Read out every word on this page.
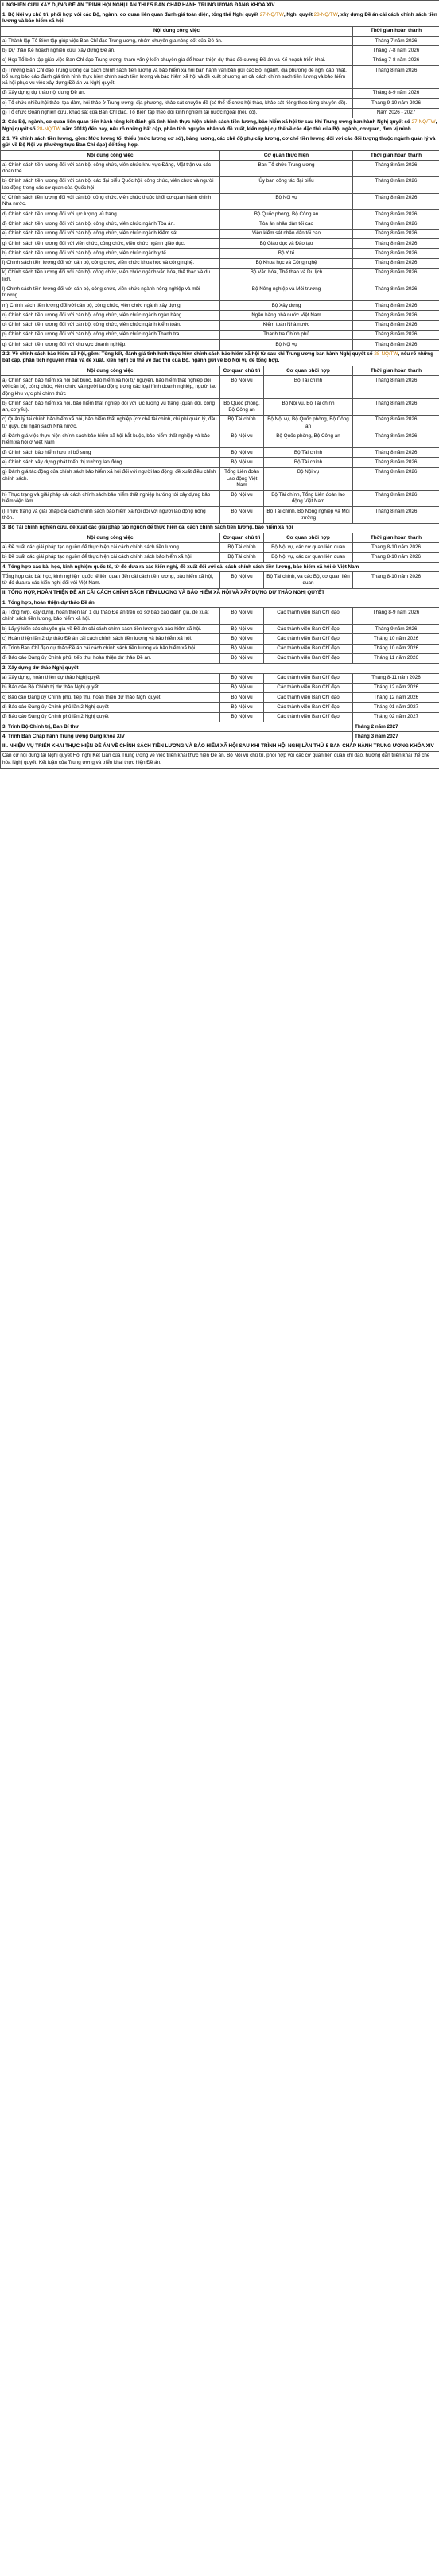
I. NGHIÊN CỨU XÂY DỰNG ĐỀ ÁN TRÌNH HỘI NGHỊ LẦN THỨ 5 BAN CHẤP HÀNH TRUNG ƯƠNG ĐẢNG KHÓA XIV			
1. Bộ Nội vụ chủ trì, phối hợp với các Bộ, ngành, cơ quan liên quan đánh giá toàn diện, tổng thể Nghị quyết 27-NQ/TW, Nghị quyết 28-NQ/TW, xây dựng Đề án cải cách chính sách tiền lương và bảo hiểm xã hội.			
Nội dung công việc			Thời gian hoàn thành
a) Thành lập Tổ Biên tập giúp việc Ban Chỉ đạo Trung ương, nhóm chuyên gia nòng cốt của Đề án.			Tháng 7 năm 2026
b) Dự thảo Kế hoạch nghiên cứu, xây dựng Đề án.			Tháng 7-8 năm 2026
c) Họp Tổ biên tập giúp việc Ban Chỉ đạo Trung ương, tham vấn ý kiến chuyên gia để hoàn thiện dự thảo đề cương Đề án và Kế hoạch triển khai.			Tháng 7-8 năm 2026
d) Trường Ban Chỉ đạo Trung ương cải cách chính sách tiền lương và bảo hiểm xã hội ban hành văn bản gửi các Bộ, ngành, địa phương đề nghị cập nhật, bổ sung báo cáo đánh giá tình hình thực hiện chính sách tiền lương và bảo hiểm xã hội và đề xuất phương án cải cách chính sách tiền lương và bảo hiểm xã hội phục vụ việc xây dựng Đề án và Nghị quyết.			Tháng 8 năm 2026
đ) Xây dựng dự thảo nội dung Đề án.			Tháng 8-9 năm 2026
e) Tổ chức nhiều hội thảo, tọa đàm, hội thảo ở Trung ương, địa phương, khảo sát chuyên đề (có thể tổ chức hội thảo, khảo sát riêng theo từng chuyên đề).			Tháng 9-10 năm 2026
g) Tổ chức Đoàn nghiên cứu, khảo sát của Ban Chỉ đạo, Tổ Biên tập theo đối kinh nghiệm tại nước ngoài (nếu có).			Năm 2026 - 2027
2. Các Bộ, ngành, cơ quan liên quan tiến hành tổng kết đánh giá tình hình thực hiện chính sách tiền lương, bảo hiểm xã hội từ sau khi Trung ương ban hành Nghị quyết số 27-NQ/TW, Nghị quyết số 28-NQ/TW năm 2018) đến nay, nêu rõ những bất cập, phân tích nguyên nhân và đề xuất, kiến nghị cụ thể về các đặc thù của Bộ, ngành, cơ quan, đơn vị mình.			
2.1. Về chính sách tiền lương, gồm: Mức lương tối thiểu (mức lương cơ sở), bảng lương, các chế độ phụ cấp lương, cơ chế tiền lương đối với các đối tượng thuộc ngành quản lý và gửi về Bộ Nội vụ (thường trực Ban Chỉ đạo) để tổng hợp.			
Nội dung công việc	Cơ quan thực hiện		Thời gian hoàn thành
a) Chính sách tiền lương đối với cán bộ, công chức, viên chức khu vực Đảng, Mặt trận và các đoàn thể	Ban Tổ chức Trung ương		Tháng 8 năm 2026
b) Chính sách tiền lương đối với cán bộ, các đại biểu Quốc hội, công chức, viên chức và người lao động trong các cơ quan của Quốc hội.	Ủy ban công tác đại biểu		Tháng 8 năm 2026
c) Chính sách tiền lương đối với cán bộ, công chức, viên chức thuộc khối cơ quan hành chính Nhà nước.	Bộ Nội vụ		Tháng 8 năm 2026
d) Chính sách tiền lương đối với lực lượng vũ trang.	Bộ Quốc phòng, Bộ Công an		Tháng 8 năm 2026
đ) Chính sách tiền lương đối với cán bộ, công chức, viên chức ngành Tòa án.	Tòa án nhân dân tối cao		Tháng 8 năm 2026
e) Chính sách tiền lương đối với cán bộ, công chức, viên chức ngành Kiểm sát	Viện kiểm sát nhân dân tối cao		Tháng 8 năm 2026
g) Chính sách tiền lương đối với viên chức, công chức, viên chức ngành giáo dục.	Bộ Giáo dục và Đào tạo		Tháng 8 năm 2026
h) Chính sách tiền lương đối với cán bộ, công chức, viên chức ngành y tế.	Bộ Y tế		Tháng 8 năm 2026
i) Chính sách tiền lương đối với cán bộ, công chức, viên chức khoa học và công nghệ.	Bộ Khoa học và Công nghệ		Tháng 8 năm 2026
k) Chính sách tiền lương đối với cán bộ, công chức, viên chức ngành văn hóa, thể thao và du lịch.	Bộ Văn hóa, Thể thao và Du lịch		Tháng 8 năm 2026
l) Chính sách tiền lương đối với cán bộ, công chức, viên chức ngành nông nghiệp và môi trường.	Bộ Nông nghiệp và Môi trường		Tháng 8 năm 2026
m) Chính sách tiền lương đối với cán bộ, công chức, viên chức ngành xây dựng.	Bộ Xây dựng		Tháng 8 năm 2026
n) Chính sách tiền lương đối với cán bộ, công chức, viên chức ngành ngân hàng.	Ngân hàng nhà nước Việt Nam		Tháng 8 năm 2026
o) Chính sách tiền lương đối với cán bộ, công chức, viên chức ngành kiểm toán.	Kiểm toán Nhà nước		Tháng 8 năm 2026
p) Chính sách tiền lương đối với cán bộ, công chức, viên chức ngành Thanh tra.	Thanh tra Chính phủ		Tháng 8 năm 2026
q) Chính sách tiền lương đối với khu vực doanh nghiệp.	Bộ Nội vụ		Tháng 8 năm 2026
2.2. Về chính sách bảo hiểm xã hội, gồm: Tổng kết, đánh giá tình hình thực hiện chính sách bảo hiểm xã hội từ sau khi Trung ương ban hành Nghị quyết số 28-NQ/TW, nêu rõ những bất cập, phân tích nguyên nhân và đề xuất, kiến nghị cụ thể về đặc thù của Bộ, ngành gửi về Bộ Nội vụ để tổng hợp.			
Nội dung công việc	Cơ quan chủ trì	Cơ quan phối hợp	Thời gian hoàn thành
a) Chính sách bảo hiểm xã hội bắt buộc, bảo hiểm xã hội tự nguyện, bảo hiểm thất nghiệp đối với cán bộ, công chức, viên chức và người lao động trong các loại hình doanh nghiệp, người lao động khu vực phi chính thức	Bộ Nội vụ	Bộ Tài chính	Tháng 8 năm 2026
b) Chính sách bảo hiểm xã hội, bảo hiểm thất nghiệp đối với lực lượng vũ trang (quân đội, công an, cơ yếu).	Bộ Quốc phòng, Bộ Công an	Bộ Nội vụ, Bộ Tài chính	Tháng 8 năm 2026
c) Quản lý tài chính bảo hiểm xã hội, bảo hiểm thất nghiệp (cơ chế tài chính, chi phí quản lý, đầu tư quỹ), chi ngân sách Nhà nước.	Bộ Tài chính	Bộ Nội vụ, Bộ Quốc phòng, Bộ Công an	Tháng 8 năm 2026
d) Đánh giá việc thực hiện chính sách bảo hiểm xã hội bắt buộc, bảo hiểm thất nghiệp và bảo hiểm xã hội ở Việt Nam	Bộ Nội vụ	Bộ Quốc phòng, Bộ Công an	Tháng 8 năm 2026
đ) Chính sách bảo hiểm hưu trí bổ sung	Bộ Nội vụ	Bộ Tài chính	Tháng 8 năm 2026
e) Chính sách xây dựng phát triển thị trường lao động.	Bộ Nội vụ	Bộ Tài chính	Tháng 8 năm 2026
g) Đánh giá tác động của chính sách bảo hiểm xã hội đối với người lao động, đề xuất điều chỉnh chính sách.	Tổng Liên đoàn Lao động Việt Nam	Bộ Nội vụ	Tháng 8 năm 2026
h) Thực trạng và giải pháp cải cách chính sách bảo hiểm thất nghiệp hướng tới xây dựng bảo hiểm việc làm.	Bộ Nội vụ	Bộ Tài chính, Tổng Liên đoàn lao động Việt Nam	Tháng 8 năm 2026
i) Thực trạng và giải pháp cải cách chính sách bảo hiểm xã hội đối với người lao động nông thôn.	Bộ Nội vụ	Bộ Tài chính, Bộ Nông nghiệp và Môi trường	Tháng 8 năm 2026
3. Bộ Tài chính nghiên cứu, đề xuất các giải pháp tạo nguồn để thực hiện cải cách chính sách tiền lương, bảo hiểm xã hội			
Nội dung công việc	Cơ quan chủ trì	Cơ quan phối hợp	Thời gian hoàn thành
a) Đề xuất các giải pháp tạo nguồn để thực hiện cải cách chính sách tiền lương.	Bộ Tài chính	Bộ Nội vụ, các cơ quan liên quan	Tháng 8-10 năm 2026
b) Đề xuất các giải pháp tạo nguồn để thực hiện cải cách chính sách bảo hiểm xã hội.	Bộ Tài chính	Bộ Nội vụ, các cơ quan liên quan	Tháng 8-10 năm 2026
4. Tổng hợp các bài học, kinh nghiệm quốc tế, từ đó đưa ra các kiến nghị, đề xuất đối với cải cách chính sách tiền lương, bảo hiểm xã hội ở Việt Nam			
Tổng hợp các bài học, kinh nghiệm quốc tế liên quan đến cải cách tiền lương, bảo hiểm xã hội, từ đó đưa ra các kiến nghị đối với Việt Nam.	Bộ Nội vụ	Bộ Tài chính, và các Bộ, cơ quan liên quan	Tháng 8-10 năm 2026
II. TỔNG HỢP, HOÀN THIỆN ĐỀ ÁN CẢI CÁCH CHÍNH SÁCH TIỀN LƯƠNG VÀ BẢO HIỂM XÃ HỘI VÀ XÂY DỰNG DỰ THẢO NGHỊ QUYẾT			
1. Tổng hợp, hoàn thiện dự thảo Đề án			
a) Tổng hợp, xây dựng, hoàn thiện lần 1 dự thảo Đề án trên cơ sở báo cáo đánh giá, đề xuất chính sách tiền lương, bảo hiểm xã hội.	Bộ Nội vụ	Các thành viên Ban Chỉ đạo	Tháng 8-9 năm 2026
b) Lấy ý kiến các chuyên gia về Đề án cải cách chính sách tiền lương và bảo hiểm xã hội.	Bộ Nội vụ	Các thành viên Ban Chỉ đạo	Tháng 9 năm 2026
c) Hoàn thiện lần 2 dự thảo Đề án cải cách chính sách tiền lương và bảo hiểm xã hội.	Bộ Nội vụ	Các thành viên Ban Chỉ đạo	Tháng 10 năm 2026
d) Trình Ban Chỉ đạo dự thảo Đề án cải cách chính sách tiền lương và bảo hiểm xã hội.	Bộ Nội vụ	Các thành viên Ban Chỉ đạo	Tháng 10 năm 2026
đ) Báo cáo Đảng ủy Chính phủ, tiếp thu, hoàn thiện dự thảo Đề án.	Bộ Nội vụ	Các thành viên Ban Chỉ đạo	Tháng 11 năm 2026
2. Xây dựng dự thảo Nghị quyết			
a) Xây dựng, hoàn thiện dự thảo Nghị quyết	Bộ Nội vụ	Các thành viên Ban Chỉ đạo	Tháng 8-11 năm 2026
b) Báo cáo Bộ Chính trị dự thảo Nghị quyết	Bộ Nội vụ	Các thành viên Ban Chỉ đạo	Tháng 12 năm 2026
c) Báo cáo Đảng ủy Chính phủ, tiếp thu, hoàn thiện dự thảo Nghị quyết.	Bộ Nội vụ	Các thành viên Ban Chỉ đạo	Tháng 12 năm 2026
d) Báo cáo Đảng ủy Chính phủ lần 2 Nghị quyết	Bộ Nội vụ	Các thành viên Ban Chỉ đạo	Tháng 01 năm 2027
đ) Báo cáo Đảng ủy Chính phủ lần 2 Nghị quyết	Bộ Nội vụ	Các thành viên Ban Chỉ đạo	Tháng 02 năm 2027
3. Trình Bộ Chính trị, Ban Bí thư			Tháng 2 năm 2027
4. Trình Ban Chấp hành Trung ương Đảng khóa XIV			Tháng 3 năm 2027
III. NHIỆM VỤ TRIỂN KHAI THỰC HIỆN ĐỀ ÁN VỀ CHÍNH SÁCH TIỀN LƯƠNG VÀ BẢO HIỂM XÃ HỘI SAU KHI TRÌNH HỘI NGHỊ LẦN THỨ 5 BAN CHẤP HÀNH TRUNG ƯƠNG KHÓA XIV			
Căn cứ nội dung tại Nghị quyết Hội nghị Kết luận của Trung ương về việc triển khai thực hiện Đề án, Bộ Nội vụ chủ trì, phối hợp với các cơ quan liên quan chỉ đạo, hướng dẫn triển khai thể chế hóa Nghị quyết, Kết luận của Trung ương và triển khai thực hiện Đề án.			
